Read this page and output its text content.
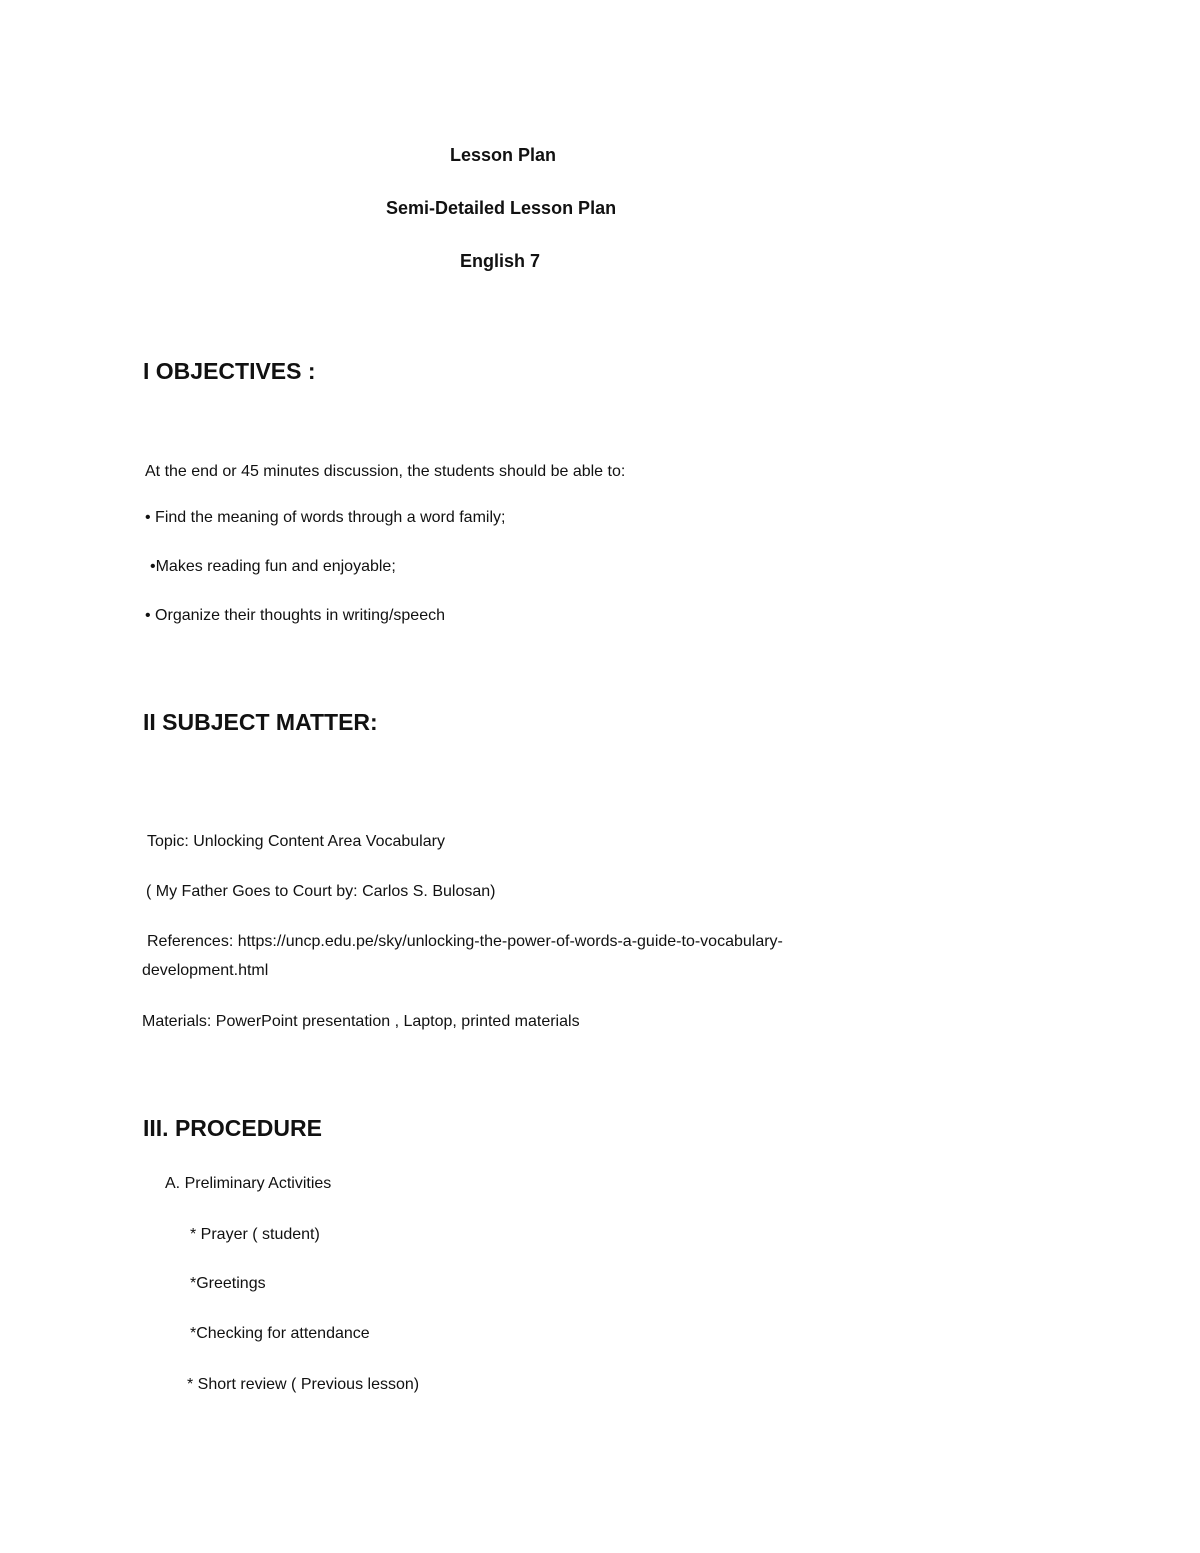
Lesson Plan
Semi-Detailed Lesson Plan
English 7
I OBJECTIVES :
At the end or 45 minutes discussion, the students should be able to:
• Find the meaning of words through a word family;
•Makes reading fun and enjoyable;
• Organize their thoughts in writing/speech
II SUBJECT MATTER:
Topic: Unlocking Content Area Vocabulary
( My Father Goes to Court by: Carlos S. Bulosan)
References: https://uncp.edu.pe/sky/unlocking-the-power-of-words-a-guide-to-vocabulary-
development.html
Materials: PowerPoint presentation , Laptop, printed materials
III. PROCEDURE
A. Preliminary Activities
* Prayer ( student)
*Greetings
*Checking for attendance
* Short review ( Previous lesson)
